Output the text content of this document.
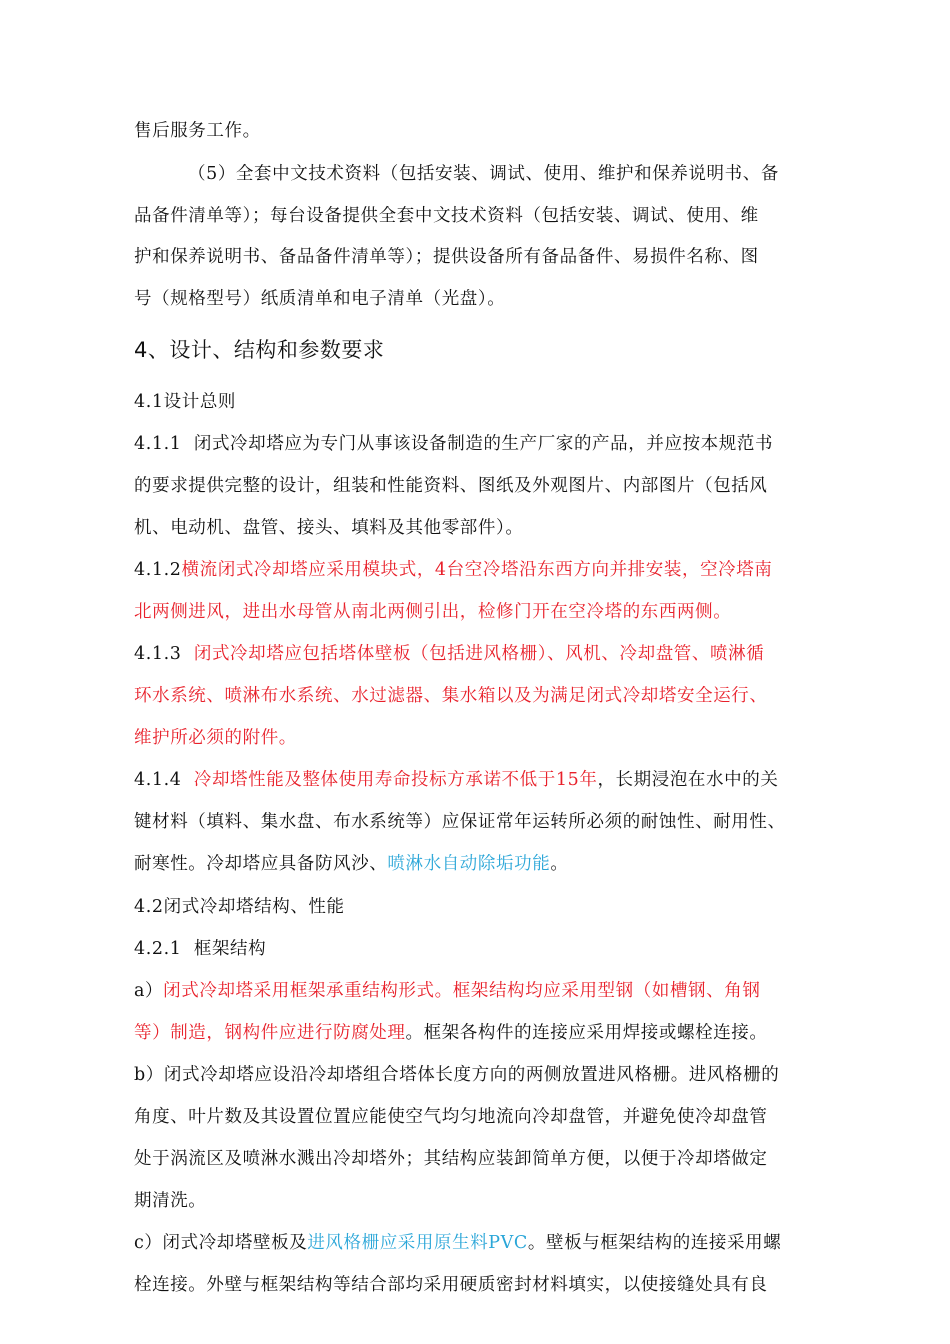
售后服务工作。
（5）全套中文技术资料（包括安装、调试、使用、维护和保养说明书、备
品备件清单等）；每台设备提供全套中文技术资料（包括安装、调试、使用、维
护和保养说明书、备品备件清单等）；提供设备所有备品备件、易损件名称、图
号（规格型号）纸质清单和电子清单（光盘）。
4、设计、结构和参数要求
4.1设计总则
4.1.1  闭式冷却塔应为专门从事该设备制造的生产厂家的产品，并应按本规范书
的要求提供完整的设计，组装和性能资料、图纸及外观图片、内部图片（包括风
机、电动机、盘管、接头、填料及其他零部件）。
4.1.2横流闭式冷却塔应采用模块式，4台空冷塔沿东西方向并排安装，空冷塔南
北两侧进风，进出水母管从南北两侧引出，检修门开在空冷塔的东西两侧。
4.1.3  闭式冷却塔应包括塔体壁板（包括进风格栅）、风机、冷却盘管、喷淋循
环水系统、喷淋布水系统、水过滤器、集水箱以及为满足闭式冷却塔安全运行、
维护所必须的附件。
4.1.4  冷却塔性能及整体使用寿命投标方承诺不低于15年，长期浸泡在水中的关
键材料（填料、集水盘、布水系统等）应保证常年运转所必须的耐蚀性、耐用性、
耐寒性。冷却塔应具备防风沙、喷淋水自动除垢功能。
4.2闭式冷却塔结构、性能
4.2.1  框架结构
a）闭式冷却塔采用框架承重结构形式。框架结构均应采用型钢（如槽钢、角钢
等）制造，钢构件应进行防腐处理。框架各构件的连接应采用焊接或螺栓连接。
b）闭式冷却塔应设沿冷却塔组合塔体长度方向的两侧放置进风格栅。进风格栅的
角度、叶片数及其设置位置应能使空气均匀地流向冷却盘管，并避免使冷却盘管
处于涡流区及喷淋水溅出冷却塔外；其结构应装卸简单方便，以便于冷却塔做定
期清洗。
c）闭式冷却塔壁板及进风格栅应采用原生料PVC。壁板与框架结构的连接采用螺
栓连接。外壁与框架结构等结合部均采用硬质密封材料填实，以使接缝处具有良
